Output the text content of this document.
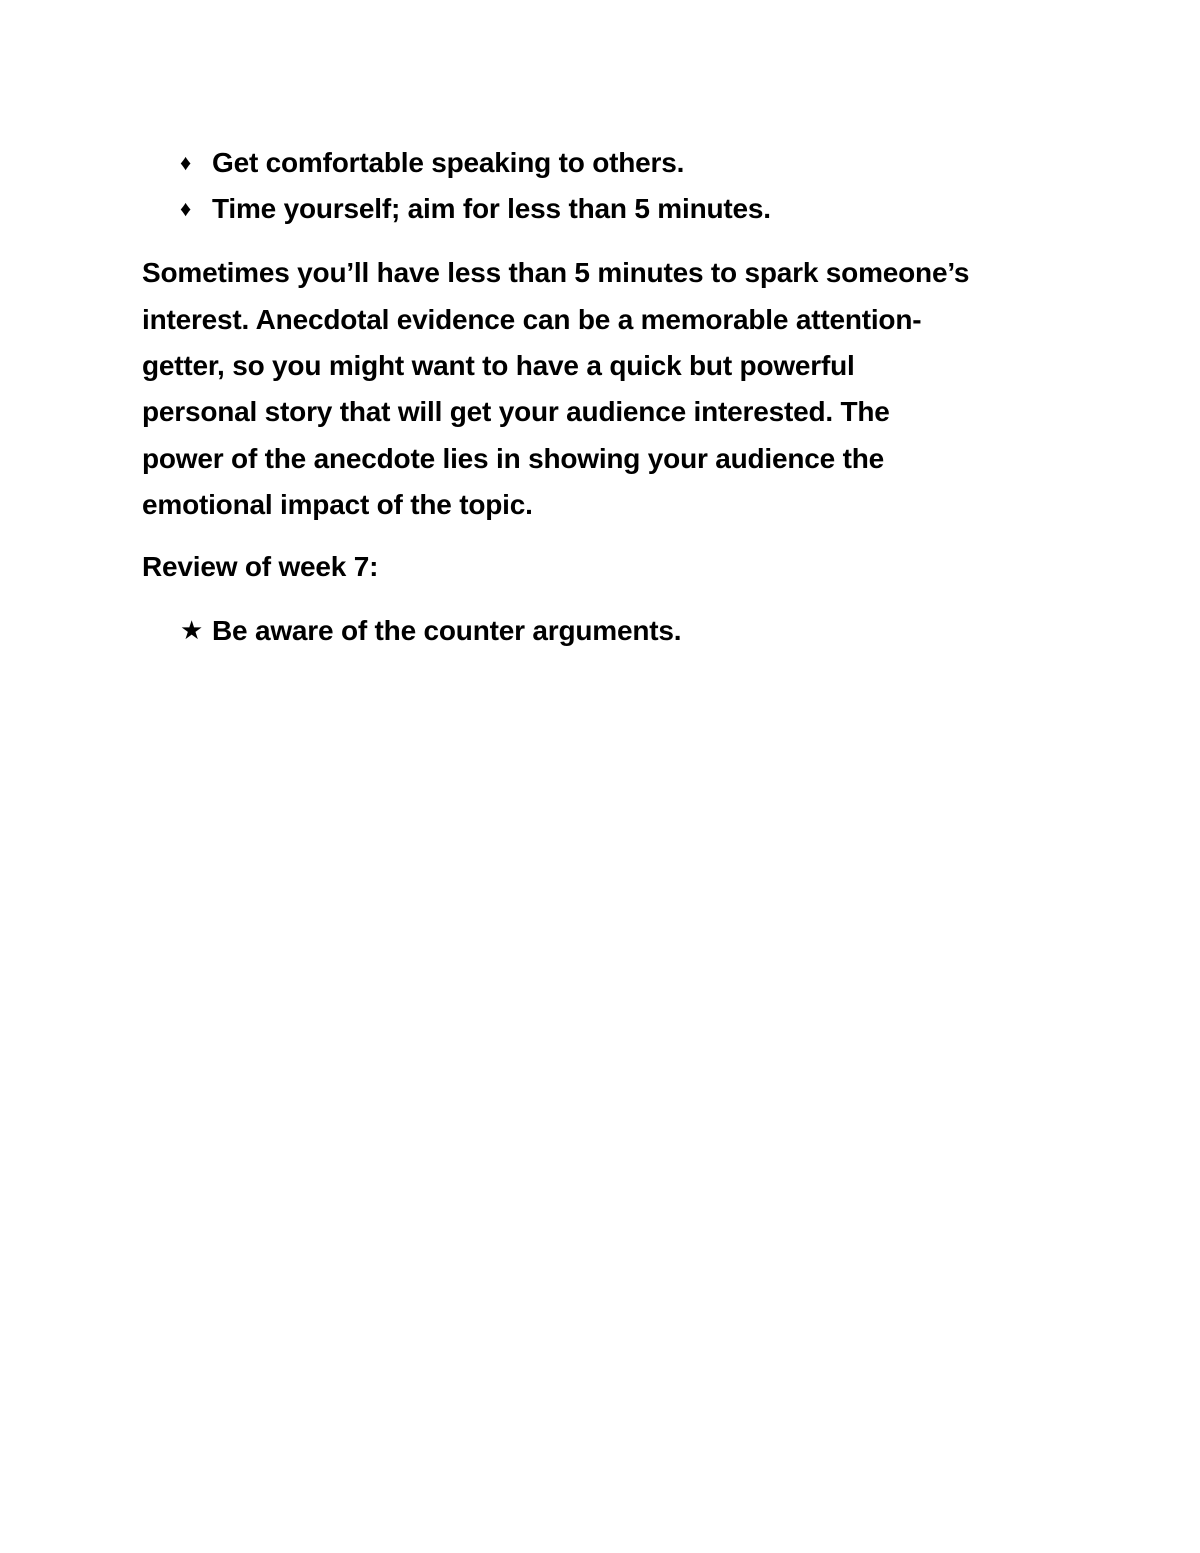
♦ Get comfortable speaking to others.
♦ Time yourself; aim for less than 5 minutes.
Sometimes you’ll have less than 5 minutes to spark someone’s
interest. Anecdotal evidence can be a memorable attention-
getter, so you might want to have a quick but powerful
personal story that will get your audience interested. The
power of the anecdote lies in showing your audience the
emotional impact of the topic.
Review of week 7:
★ Be aware of the counter arguments.
